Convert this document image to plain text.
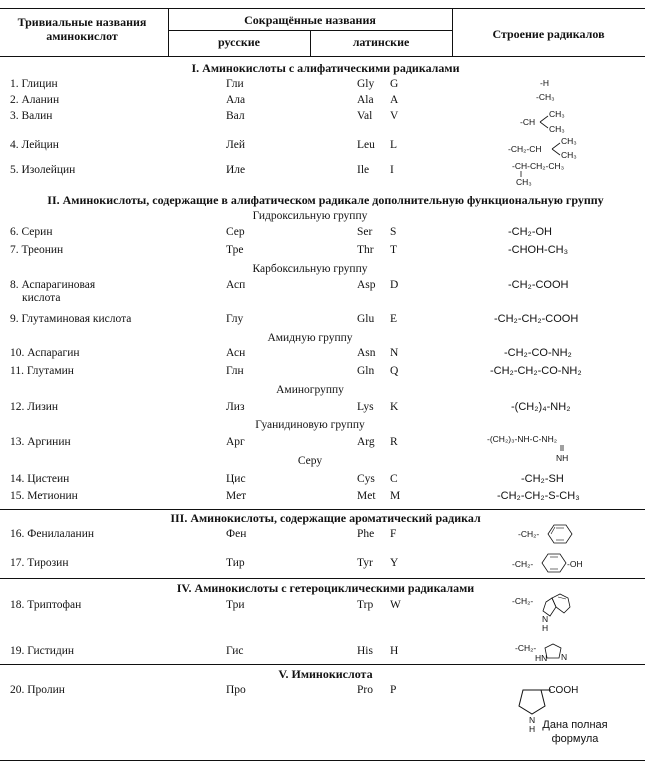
Тривиальные названия аминокислот
Сокращённые названия
русские	латинские
Строение радикалов
I. Аминокислоты с алифатическими радикалами
II. Аминокислоты, содержащие в алифатическом радикале дополнительную функциональную группу
Гидроксильную группу
Карбоксильную группу
Амидную группу
Аминогруппу
Гуанидиновую группу
Серу
III. Аминокислоты, содержащие ароматический радикал
IV. Аминокислоты с гетероциклическими радикалами
V. Иминокислота
1. Глицин
2. Аланин
3. Валин
4. Лейцин
5. Изолейцин
6. Серин
7. Треонин
8. Аспарагиновая
кислота
9. Глутаминовая кислота
10. Аспарагин
11. Глутамин
12. Лизин
13. Аргинин
14. Цистеин
15. Метионин
16. Фенилаланин
17. Тирозин
18. Триптофан
19. Гистидин
20. Пролин
Гли
Ала
Вал
Лей
Иле
Сер
Тре
Асп
Глу
Асн
Глн
Лиз
Арг
Цис
Мет
Фен
Тир
Три
Гис
Про
Gly
Ala
Val
Leu
Ile
Ser
Thr
Asp
Glu
Asn
Gln
Lys
Arg
Cys
Met
Phe
Tyr
Trp
His
Pro
G
A
V
L
I
S
T
D
E
N
Q
K
R
C
M
F
Y
W
H
P
-CH₂-OH
-CHOH-CH₃
-CH₂-COOH
-CH₂-CH₂-COOH
-CH₂-CO-NH₂
-CH₂-CH₂-CO-NH₂
-(CH₂)₄-NH₂
-CH₂-SH
-CH₂-CH₂-S-CH₃
-H
-CH₃
-CH
CH₃
CH₃
-CH₂-CH
CH₃
CH₃
-CH-CH₂-CH₃
CH₃
-(CH₂)₃-NH-C-NH₂
NH
-CH₂-
-CH₂-	-OH
-CH₂-
N
H
-CH₂-
HN N
-COOH
N
H Дана полная формула
